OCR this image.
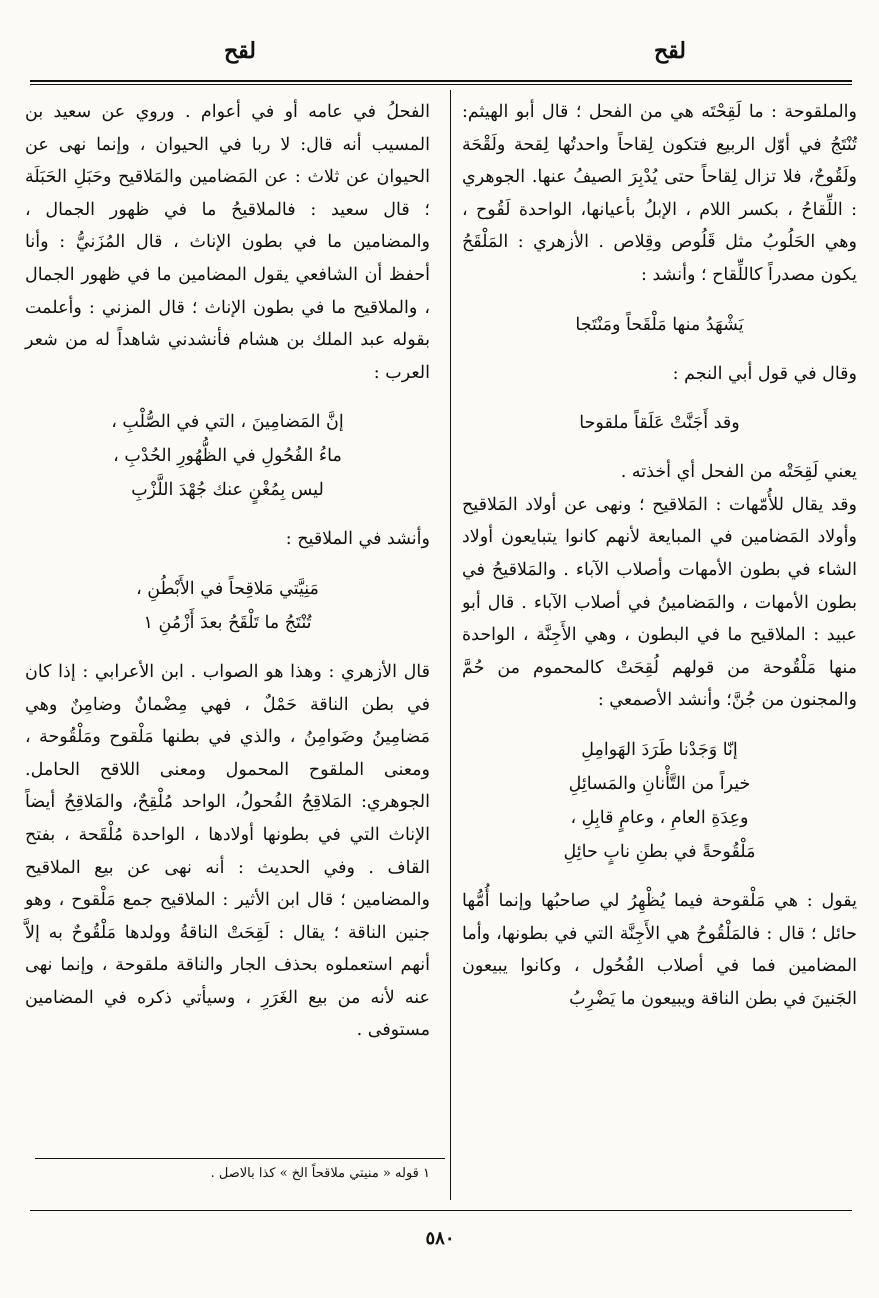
لقح
لقح

والملقوحة : ما لَقِحْتَه هي من الفحل ؛ قال أبو الهيثم: تُنْتَجُ في أوّل الربيع فتكون لِقاحاً واحدتُها لِقحة ولَقْحَة ولَقُوحٌ، فلا تزال لِقاحاً حتى يُدْبِرَ الصيفُ عنها. الجوهري : اللِّقاحُ ، بكسر اللام ، الإبلُ بأعيانها، الواحدة لَقُوح ، وهي الحَلُوبُ مثل قَلُوص وقِلاص . الأزهري : المَلْقَحُ يكون مصدراً كاللِّقاح ؛ وأنشد :

يَشْهَدُ منها مَلْقَحاً ومَنْتَجا

وقال في قول أبي النجم :

وقد أَجَنَّتْ عَلَقاً ملقوحا

يعني لَقِحَتْه من الفحل أي أخذته .

وقد يقال للأُمّهات : المَلاقيح ؛ ونهى عن أولاد المَلاقيح وأولاد المَضامين في المبايعة لأنهم كانوا يتبايعون أولاد الشاء في بطون الأمهات وأصلاب الآباء . والمَلاقيحُ في بطون الأمهات ، والمَضامينُ في أصلاب الآباء . قال أبو عبيد : الملاقيح ما في البطون ، وهي الأَجِنَّة ، الواحدة منها مَلْقُوحة من قولهم لُقِحَتْ كالمحموم من حُمَّ والمجنون من جُنَّ؛ وأنشد الأصمعي :

إنّا وَجَدْنا طَرَدَ الهَوامِلِ
خيراً من التَّأْنانِ والمَسائِلِ
وعِدَةِ العامِ ، وعامٍ قابِلِ ،
مَلْقُوحةً في بطنِ نابٍ حائِلِ

يقول : هي مَلْقوحة فيما يُظْهِرُ لي صاحبُها وإنما أُمُّها حائل ؛ قال : فالمَلْقُوحُ هي الأَجِنَّة التي في بطونها، وأما المضامين فما في أصلاب الفُحُول ، وكانوا يبيعون الجَنينَ في بطن الناقة ويبيعون ما يَضْرِبُ

الفحلُ في عامه أو في أعوام . وروي عن سعيد بن المسيب أنه قال: لا ربا في الحيوان ، وإنما نهى عن الحيوان عن ثلاث : عن المَضامين والمَلاقيح وحَبَلِ الحَبَلَة ؛ قال سعيد : فالملاقيحُ ما في ظهور الجمال ، والمضامين ما في بطون الإناث ، قال المُزَنيُّ : وأنا أحفظ أن الشافعي يقول المضامين ما في ظهور الجمال ، والملاقيح ما في بطون الإناث ؛ قال المزني : وأعلمت بقوله عبد الملك بن هشام فأنشدني شاهداً له من شعر العرب :

إنَّ المَضامِينَ ، التي في الصُّلْبِ ،
ماءُ الفُحُولِ في الظُّهُورِ الحُدْبِ ،
ليس بِمُغْنٍ عنك جُهْدَ اللَّزْبِ

وأنشد في الملاقيح :

مَنِيَّتي مَلاقِحاً في الأَبْطُنِ ،
تُنْتَجُ ما تَلْقَحُ بعدَ أَزْمُنِ ١

قال الأزهري : وهذا هو الصواب . ابن الأعرابي : إذا كان في بطن الناقة حَمْلٌ ، فهي مِضْمانٌ وضامِنٌ وهي مَضامِينُ وضَوامِنُ ، والذي في بطنها مَلْقوح ومَلْقُوحة ، ومعنى الملقوح المحمول ومعنى اللاقح الحامل. الجوهري: المَلاقِحُ الفُحولُ، الواحد مُلْقِحٌ، والمَلاقِحُ أيضاً الإناث التي في بطونها أولادها ، الواحدة مُلْقَحة ، بفتح القاف . وفي الحديث : أنه نهى عن بيع الملاقيح والمضامين ؛ قال ابن الأثير : الملاقيح جمع مَلْقوح ، وهو جنين الناقة ؛ يقال : لَقِحَتْ الناقةُ وولدها مَلْقُوحٌ به إلاَّ أنهم استعملوه بحذف الجار والناقة ملقوحة ، وإنما نهى عنه لأنه من بيع الغَرَرِ ، وسيأتي ذكره في المضامين مستوفى .

١ قوله « منيتي ملاقحاً الخ » كذا بالاصل .
٥٨٠
